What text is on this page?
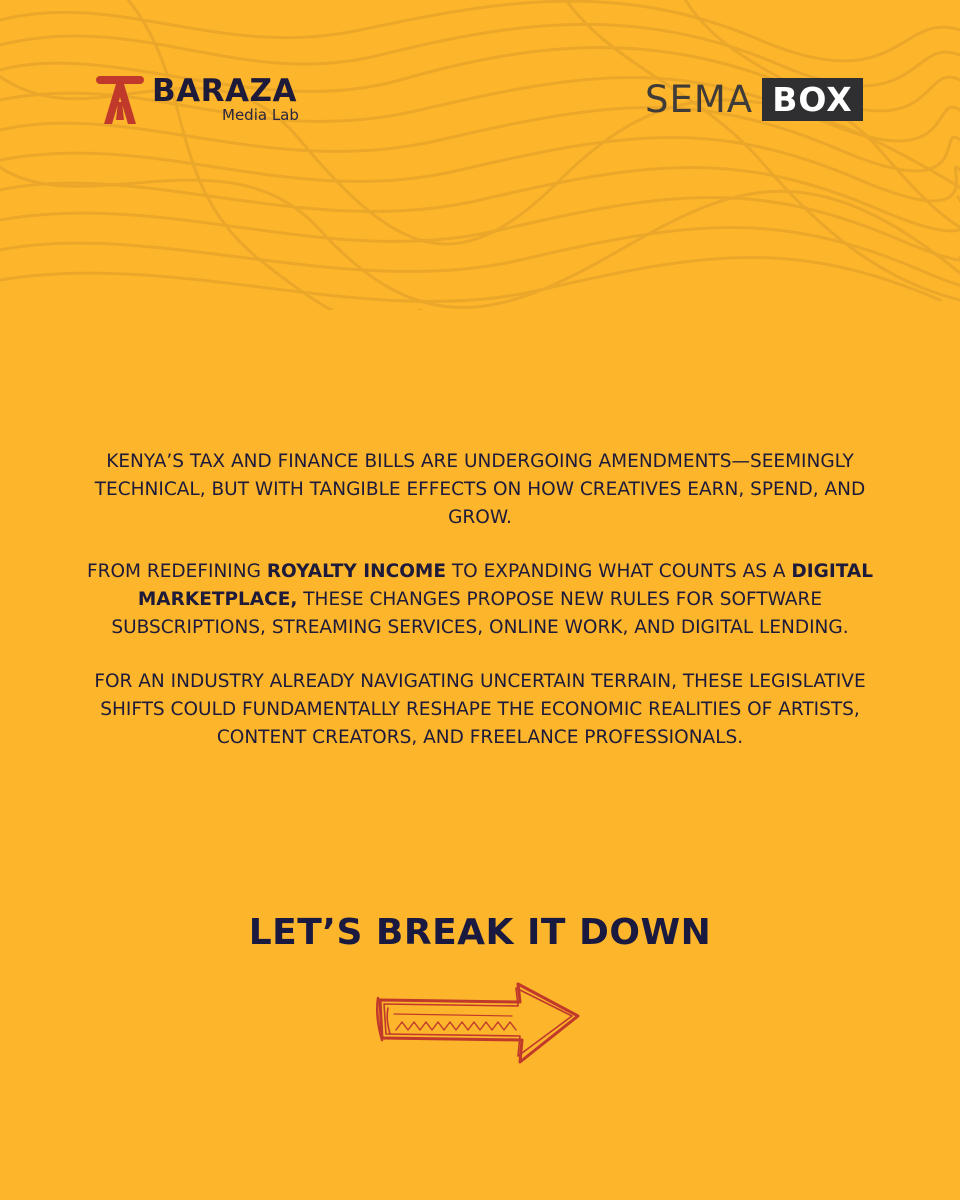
BARAZA
Media Lab	SEMA BOX

KENYA’S TAX AND FINANCE BILLS ARE UNDERGOING AMENDMENTS—SEEMINGLY TECHNICAL, BUT WITH TANGIBLE EFFECTS ON HOW CREATIVES EARN, SPEND, AND GROW.

FROM REDEFINING ROYALTY INCOME TO EXPANDING WHAT COUNTS AS A DIGITAL MARKETPLACE, THESE CHANGES PROPOSE NEW RULES FOR SOFTWARE SUBSCRIPTIONS, STREAMING SERVICES, ONLINE WORK, AND DIGITAL LENDING.

FOR AN INDUSTRY ALREADY NAVIGATING UNCERTAIN TERRAIN, THESE LEGISLATIVE SHIFTS COULD FUNDAMENTALLY RESHAPE THE ECONOMIC REALITIES OF ARTISTS, CONTENT CREATORS, AND FREELANCE PROFESSIONALS.

LET’S BREAK IT DOWN
